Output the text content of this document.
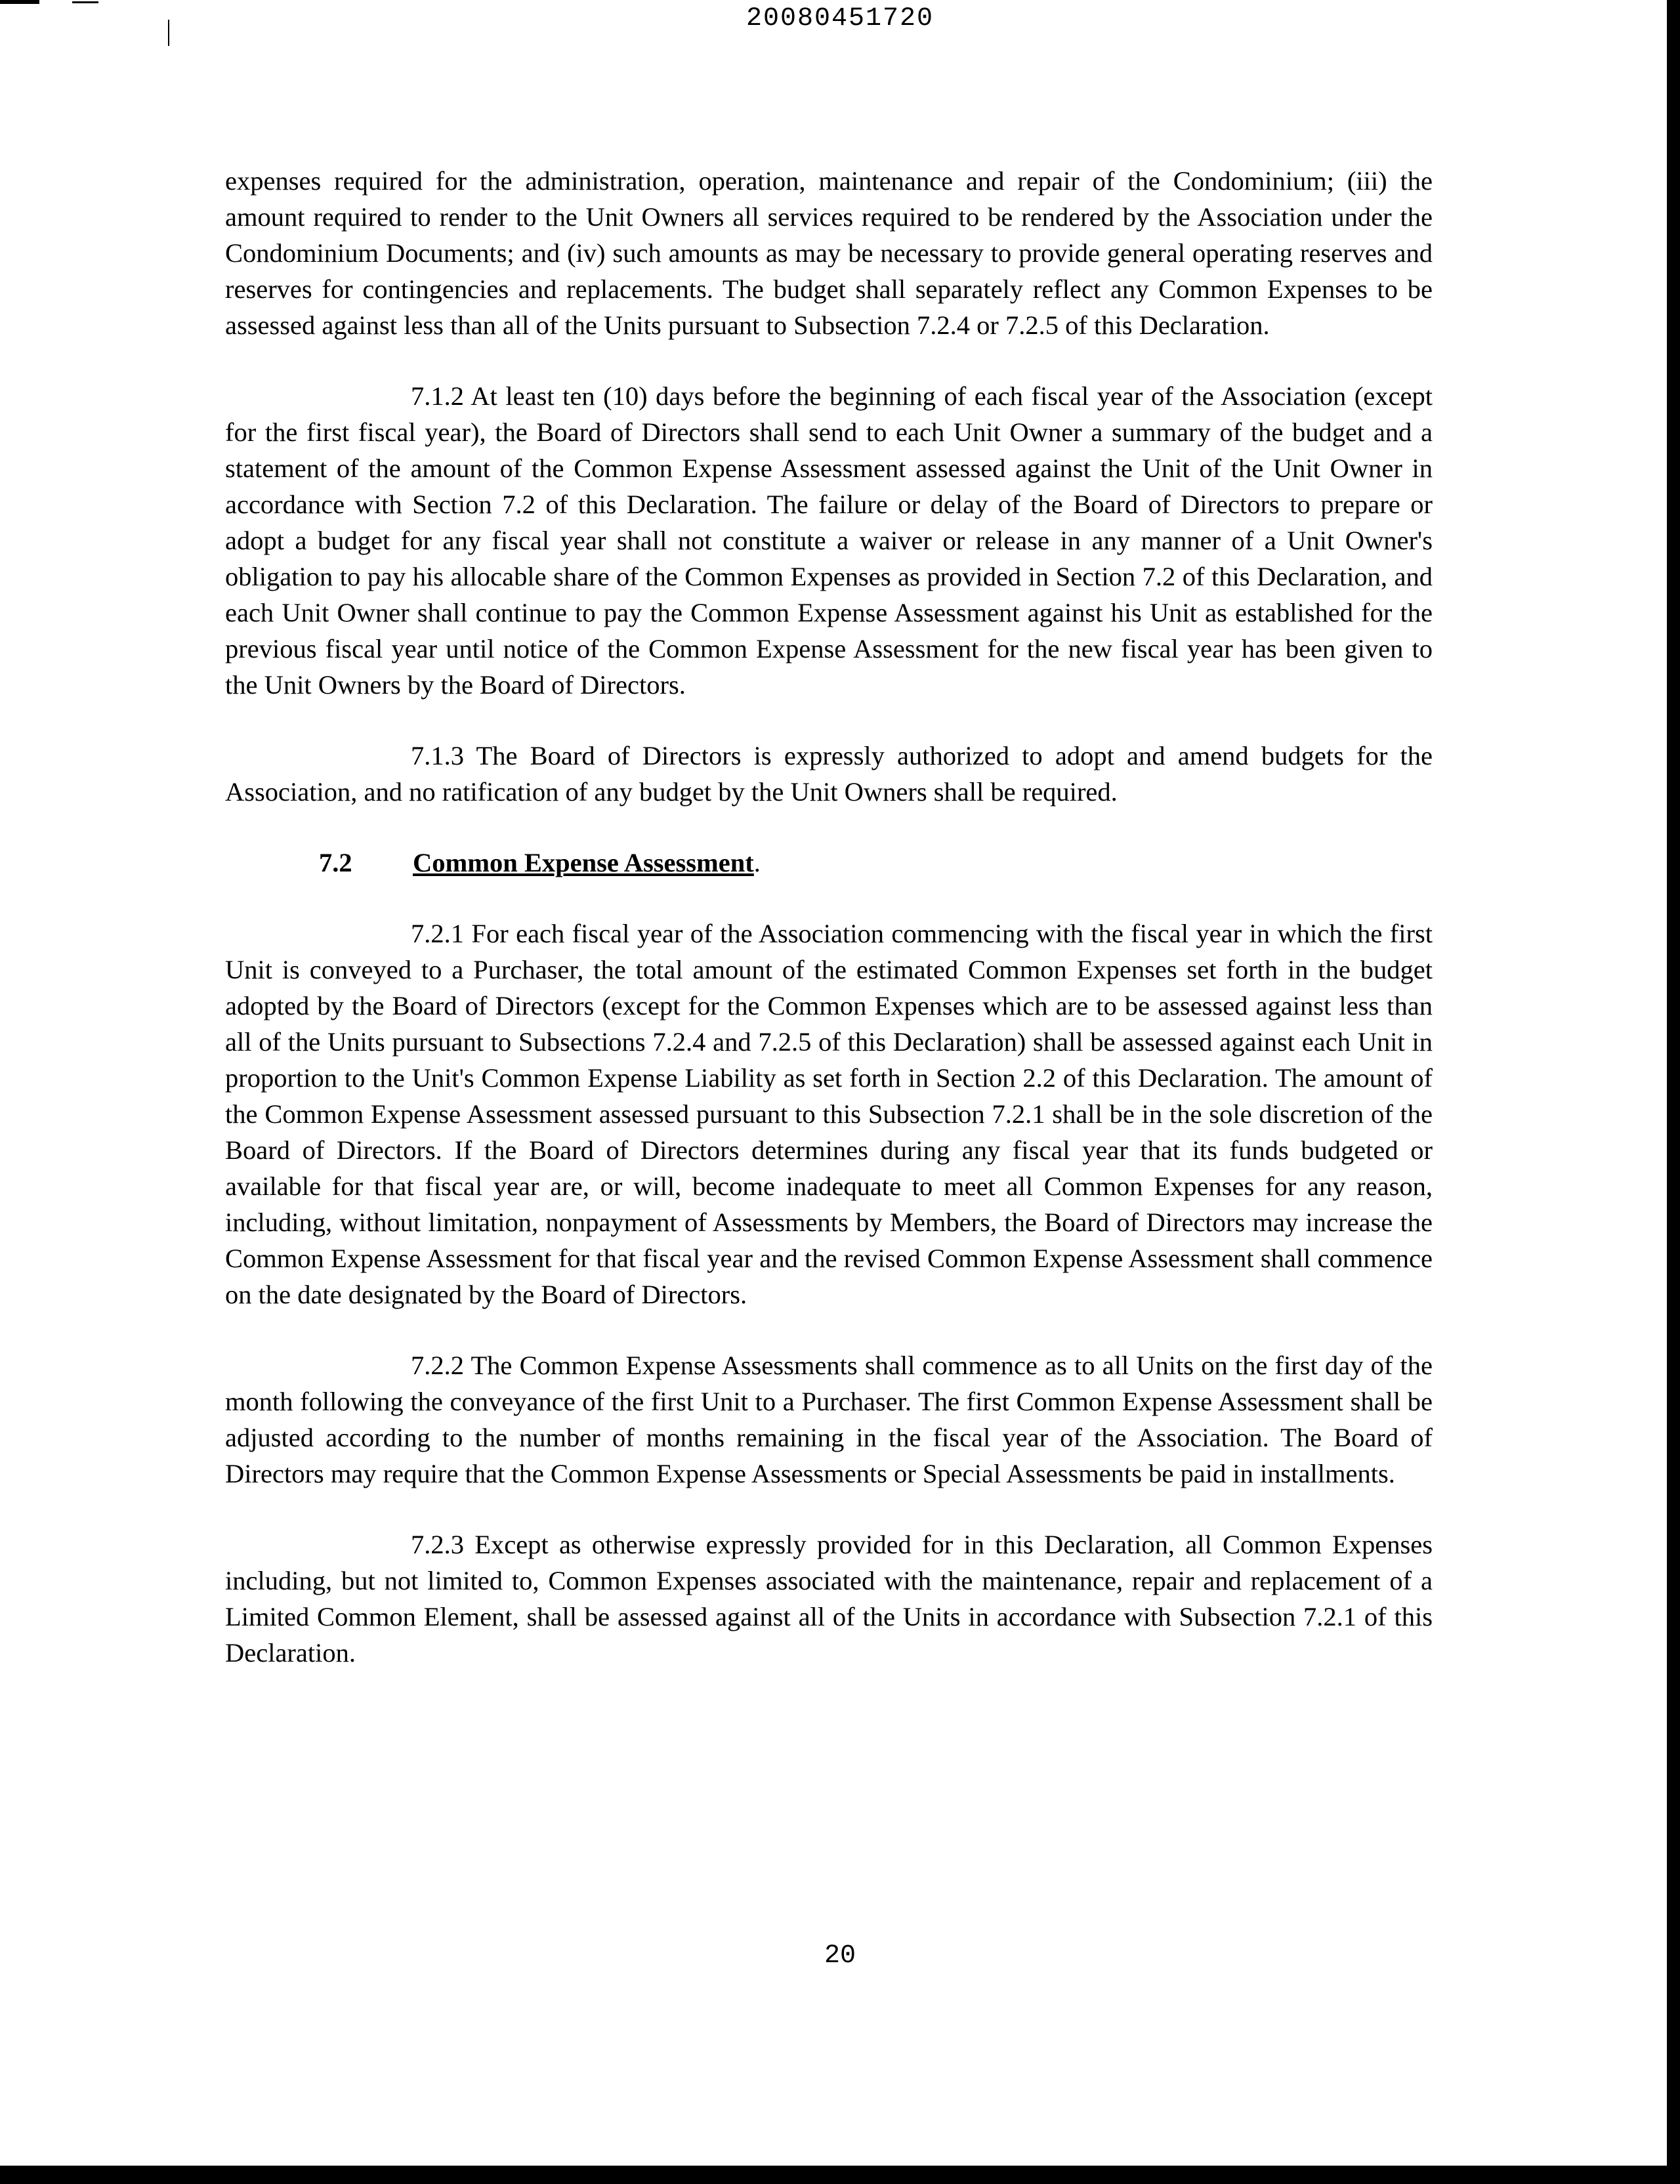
20080451720

expenses required for the administration, operation, maintenance and repair of the Condominium; (iii) the amount required to render to the Unit Owners all services required to be rendered by the Association under the Condominium Documents; and (iv) such amounts as may be necessary to provide general operating reserves and reserves for contingencies and replacements. The budget shall separately reflect any Common Expenses to be assessed against less than all of the Units pursuant to Subsection 7.2.4 or 7.2.5 of this Declaration.

7.1.2 At least ten (10) days before the beginning of each fiscal year of the Association (except for the first fiscal year), the Board of Directors shall send to each Unit Owner a summary of the budget and a statement of the amount of the Common Expense Assessment assessed against the Unit of the Unit Owner in accordance with Section 7.2 of this Declaration. The failure or delay of the Board of Directors to prepare or adopt a budget for any fiscal year shall not constitute a waiver or release in any manner of a Unit Owner's obligation to pay his allocable share of the Common Expenses as provided in Section 7.2 of this Declaration, and each Unit Owner shall continue to pay the Common Expense Assessment against his Unit as established for the previous fiscal year until notice of the Common Expense Assessment for the new fiscal year has been given to the Unit Owners by the Board of Directors.

7.1.3 The Board of Directors is expressly authorized to adopt and amend budgets for the Association, and no ratification of any budget by the Unit Owners shall be required.

7.2 Common Expense Assessment.

7.2.1 For each fiscal year of the Association commencing with the fiscal year in which the first Unit is conveyed to a Purchaser, the total amount of the estimated Common Expenses set forth in the budget adopted by the Board of Directors (except for the Common Expenses which are to be assessed against less than all of the Units pursuant to Subsections 7.2.4 and 7.2.5 of this Declaration) shall be assessed against each Unit in proportion to the Unit's Common Expense Liability as set forth in Section 2.2 of this Declaration. The amount of the Common Expense Assessment assessed pursuant to this Subsection 7.2.1 shall be in the sole discretion of the Board of Directors. If the Board of Directors determines during any fiscal year that its funds budgeted or available for that fiscal year are, or will, become inadequate to meet all Common Expenses for any reason, including, without limitation, nonpayment of Assessments by Members, the Board of Directors may increase the Common Expense Assessment for that fiscal year and the revised Common Expense Assessment shall commence on the date designated by the Board of Directors.

7.2.2 The Common Expense Assessments shall commence as to all Units on the first day of the month following the conveyance of the first Unit to a Purchaser. The first Common Expense Assessment shall be adjusted according to the number of months remaining in the fiscal year of the Association. The Board of Directors may require that the Common Expense Assessments or Special Assessments be paid in installments.

7.2.3 Except as otherwise expressly provided for in this Declaration, all Common Expenses including, but not limited to, Common Expenses associated with the maintenance, repair and replacement of a Limited Common Element, shall be assessed against all of the Units in accordance with Subsection 7.2.1 of this Declaration.

20
